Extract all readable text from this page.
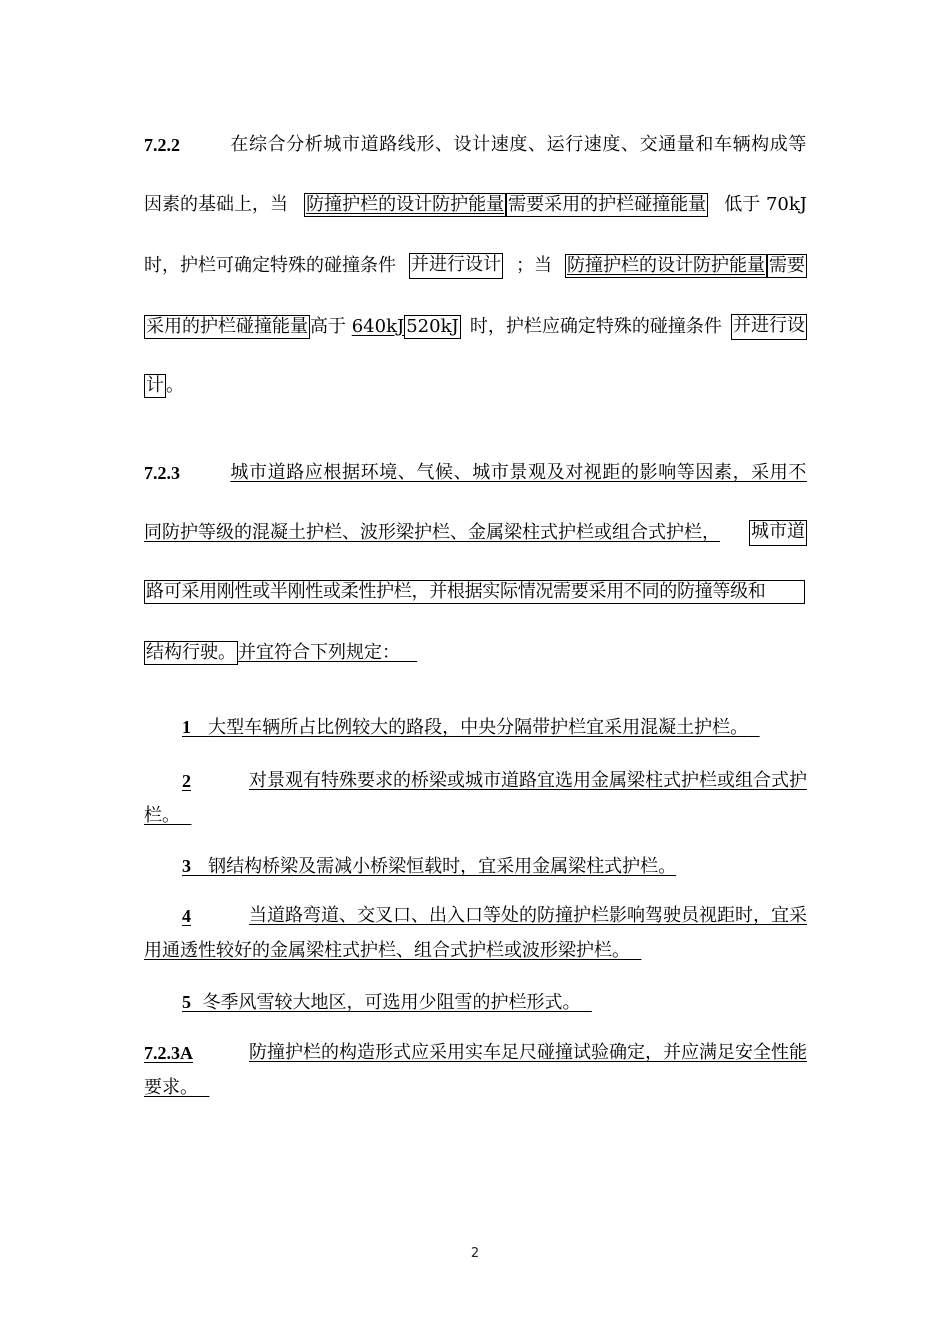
7.2.2	在综合分析城市道路线形、设计速度、运行速度、交通量和车辆构成等
因素的基础上，当 防撞护栏的设计防护能量 需要采用的护栏碰撞能量 低于 70kJ
时，护栏可确定特殊的碰撞条件 并进行设计 ；当 防撞护栏的设计防护能量 需要
采用的护栏碰撞能量 高于 640kJ 520kJ 时，护栏应确定特殊的碰撞条件 并进行设
计 。
7.2.3	城市道路应根据环境、气候、城市景观及对视距的影响等因素，采用不
同防护等级的混凝土护栏、波形梁护栏、金属梁柱式护栏或组合式护栏， 城市道
路可采用刚性或半刚性或柔性护栏，并根据实际情况需要采用不同的防撞等级和
结构行驶。 并宜符合下列规定：
1 大型车辆所占比例较大的路段，中央分隔带护栏宜采用混凝土护栏。
2	对景观有特殊要求的桥梁或城市道路宜选用金属梁柱式护栏或组合式护
栏。
3 钢结构桥梁及需减小桥梁恒载时，宜采用金属梁柱式护栏。
4	当道路弯道、交叉口、出入口等处的防撞护栏影响驾驶员视距时，宜采
用通透性较好的金属梁柱式护栏、组合式护栏或波形梁护栏。
5 冬季风雪较大地区，可选用少阻雪的护栏形式。
7.2.3A	防撞护栏的构造形式应采用实车足尺碰撞试验确定，并应满足安全性能
要求。
2
